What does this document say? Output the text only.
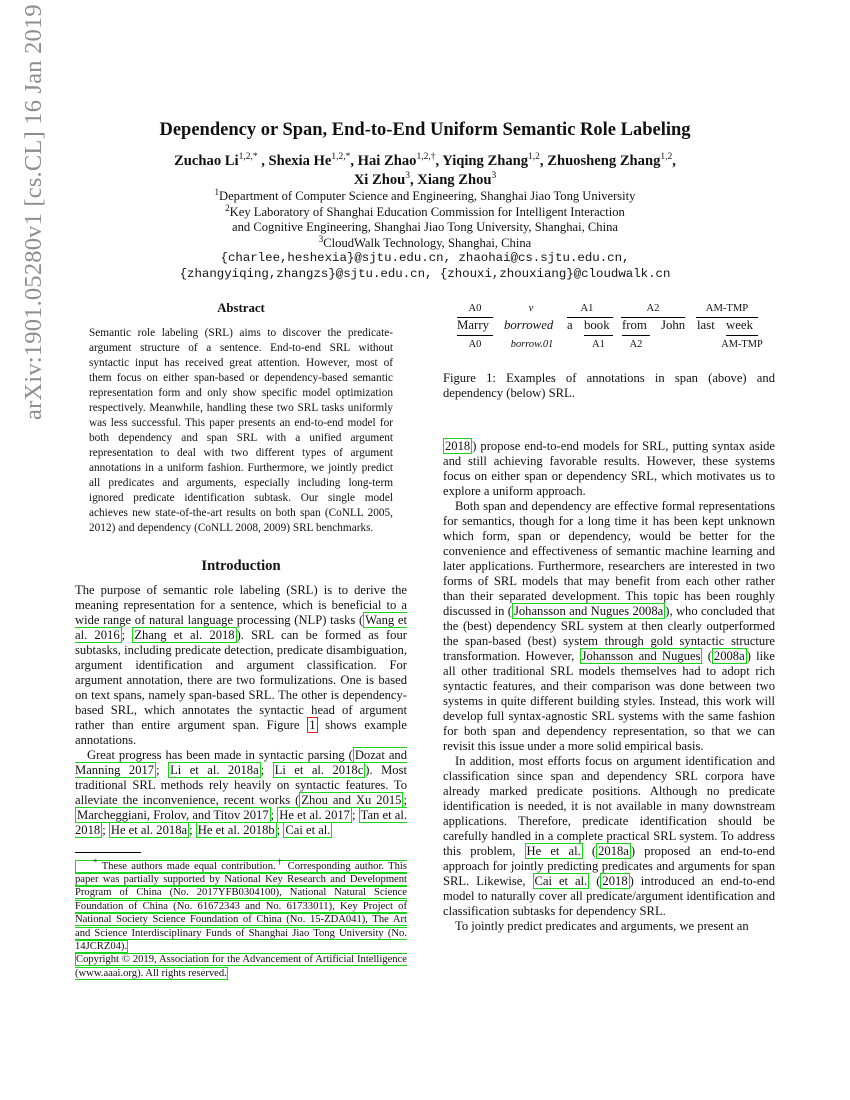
Dependency or Span, End-to-End Uniform Semantic Role Labeling
Zuchao $Li^{1,2,*}$ , Shexia $He^{1,2,*}$, Hai Zhao$^{1,2,\dagger}$, Yiqing Zhang$^{1,2}$, Zhuosheng Zhang$^{1,2}$,
Xi Zhou$^3$, Xiang Zhou$^3$
$^1$Department of Computer Science and Engineering, Shanghai Jiao Tong University
$^2$Key Laboratory of Shanghai Education Commission for Intelligent Interaction
and Cognitive Engineering, Shanghai Jiao Tong University, Shanghai, China
$^3$CloudWalk Technology, Shanghai, China
{charlee,heshexia}@sjtu.edu.cn, zhaohai@cs.sjtu.edu.cn,
{zhangyiqing,zhangzs}@sjtu.edu.cn, {zhouxi,zhouxiang}@cloudwalk.cn
arXiv:1901.05280v1 [cs.CL] 16 Jan 2019	Abstract
Semantic role labeling (SRL) aims to discover the predicate-argument structure of a sentence. End-to-end SRL without syntactic input has received great attention. However, most of them focus on either span-based or dependency-based semantic representation form and only show specific model optimization respectively. Meanwhile, handling these two SRL tasks uniformly was less successful. This paper presents an end-to-end model for both dependency and span SRL with a unified argument representation to deal with two different types of argument annotations in a uniform fashion. Furthermore, we jointly predict all predicates and arguments, especially including long-term ignored predicate identification subtask. Our single model achieves new state-of-the-art results on both span (CoNLL 2005, 2012) and dependency (CoNLL 2008, 2009) SRL benchmarks.
Introduction

The purpose of semantic role labeling (SRL) is to derive the meaning representation for a sentence, which is beneficial to a wide range of natural language processing (NLP) tasks ( Wang et al. 2016 ; Zhang et al. 2018 ). SRL can be formed as four subtasks, including predicate detection, predicate disambiguation, argument identification and argument classification. For argument annotation, there are two formulizations. One is based on text spans, namely span-based SRL. The other is dependency-based SRL, which annotates the syntactic head of argument rather than entire argument span. Figure 1 shows example annotations.

Great progress has been made in syntactic parsing ( Dozat and Manning 2017 ; Li et al. 2018a ; Li et al. 2018c ). Most traditional SRL methods rely heavily on syntactic features. To alleviate the inconvenience, recent works ( Zhou and Xu 2015 ; Marcheggiani, Frolov, and Titov 2017 ; He et al. 2017 ; Tan et al. 2018 ; He et al. 2018a ; He et al. 2018b ; Cai et al.

* These authors made equal contribution.† Corresponding author. This paper was partially supported by National Key Research and Development Program of China (No. 2017YFB0304100), National Natural Science Foundation of China (No. 61672343 and No. 61733011), Key Project of National Society Science Foundation of China (No. 15-ZDA041), The Art and Science Interdisciplinary Funds of Shanghai Jiao Tong University (No. 14JCRZ04).
Copyright © 2019, Association for the Advancement of Artificial Intelligence (www.aaai.org). All rights reserved.
A0	v	A1	A2	AM-TMP
Marry borrowed a book from John last week
A0	borrow.01	A1	A2	AM-TMP
Figure 1: Examples of annotations in span (above) and dependency (below) SRL.

2018 ) propose end-to-end models for SRL, putting syntax aside and still achieving favorable results. However, these systems focus on either span or dependency SRL, which motivates us to explore a uniform approach.

Both span and dependency are effective formal representations for semantics, though for a long time it has been kept unknown which form, span or dependency, would be better for the convenience and effectiveness of semantic machine learning and later applications. Furthermore, researchers are interested in two forms of SRL models that may benefit from each other rather than their separated development. This topic has been roughly discussed in ( Johansson and Nugues 2008a ), who concluded that the (best) dependency SRL system at then clearly outperformed the span-based (best) system through gold syntactic structure transformation. However, Johansson and Nugues ( 2008a ) like all other traditional SRL models themselves had to adopt rich syntactic features, and their comparison was done between two systems in quite different building styles. Instead, this work will develop full syntax-agnostic SRL systems with the same fashion for both span and dependency representation, so that we can revisit this issue under a more solid empirical basis.

In addition, most efforts focus on argument identification and classification since span and dependency SRL corpora have already marked predicate positions. Although no predicate identification is needed, it is not available in many downstream applications. Therefore, predicate identification should be carefully handled in a complete practical SRL system. To address this problem, He et al. ( 2018a ) proposed an end-to-end approach for jointly predicting predicates and arguments for span SRL. Likewise, Cai et al. ( 2018 ) introduced an end-to-end model to naturally cover all predicate/argument identification and classification subtasks for dependency SRL.

To jointly predict predicates and arguments, we present an
